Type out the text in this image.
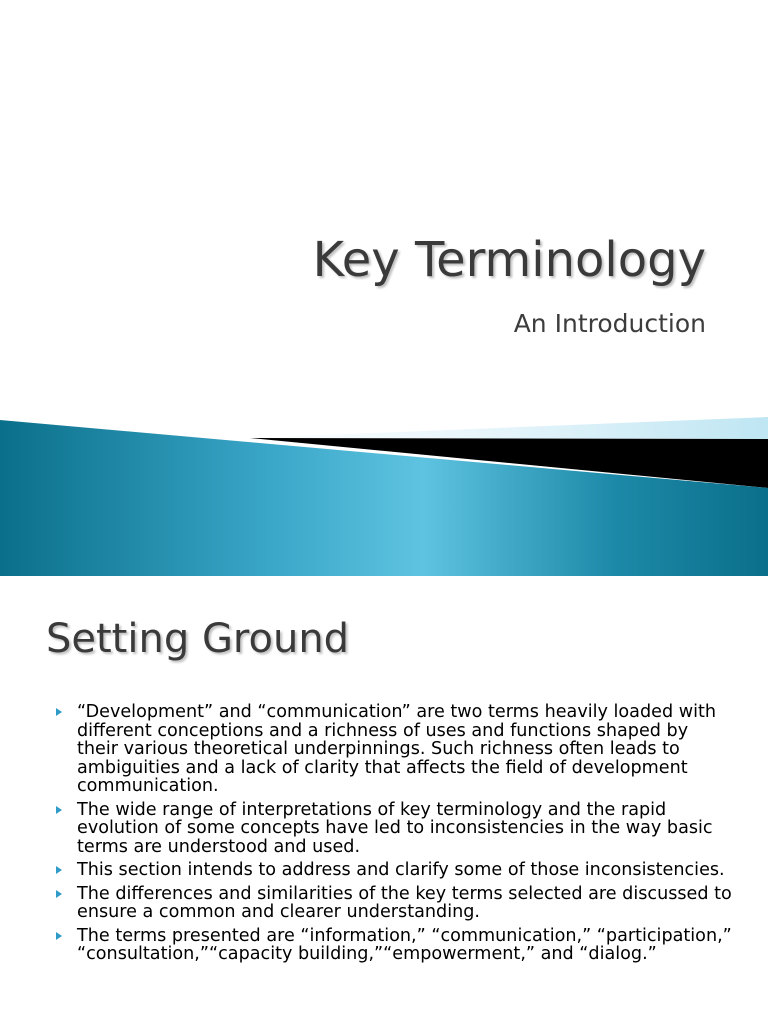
Key Terminology
An Introduction
Setting Ground
“Development” and “communication” are two terms heavily loaded with different conceptions and a richness of uses and functions shaped by their various theoretical underpinnings. Such richness often leads to ambiguities and a lack of clarity that affects the field of development communication.
The wide range of interpretations of key terminology and the rapid evolution of some concepts have led to inconsistencies in the way basic terms are understood and used.
This section intends to address and clarify some of those inconsistencies.
The differences and similarities of the key terms selected are discussed to ensure a common and clearer understanding.
The terms presented are “information,” “communication,” “participation,” “consultation,”“capacity building,”“empowerment,” and “dialog.”
